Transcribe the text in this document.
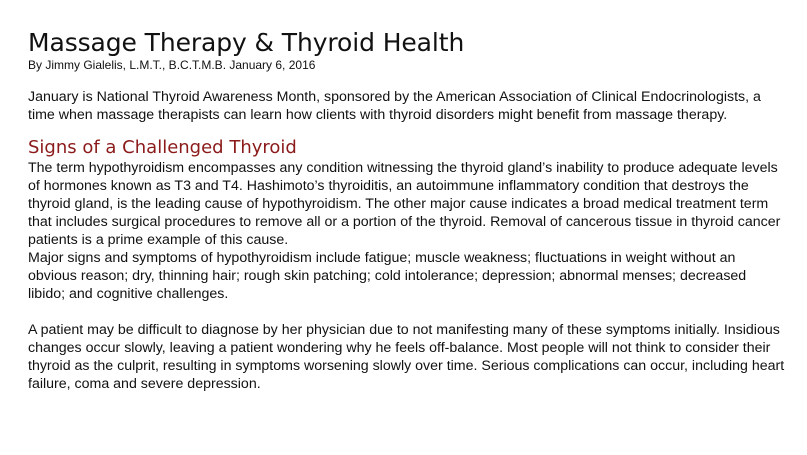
Massage Therapy & Thyroid Health

By Jimmy Gialelis, L.M.T., B.C.T.M.B. January 6, 2016

January is National Thyroid Awareness Month, sponsored by the American Association of Clinical Endocrinologists, a time when massage therapists can learn how clients with thyroid disorders might benefit from massage therapy.

Signs of a Challenged Thyroid

The term hypothyroidism encompasses any condition witnessing the thyroid gland’s inability to produce adequate levels of hormones known as T3 and T4. Hashimoto’s thyroiditis, an autoimmune inflammatory condition that destroys the thyroid gland, is the leading cause of hypothyroidism. The other major cause indicates a broad medical treatment term that includes surgical procedures to remove all or a portion of the thyroid. Removal of cancerous tissue in thyroid cancer patients is a prime example of this cause.

Major signs and symptoms of hypothyroidism include fatigue; muscle weakness; fluctuations in weight without an obvious reason; dry, thinning hair; rough skin patching; cold intolerance; depression; abnormal menses; decreased libido; and cognitive challenges.

A patient may be difficult to diagnose by her physician due to not manifesting many of these symptoms initially. Insidious changes occur slowly, leaving a patient wondering why he feels off-balance. Most people will not think to consider their thyroid as the culprit, resulting in symptoms worsening slowly over time. Serious complications can occur, including heart failure, coma and severe depression.
